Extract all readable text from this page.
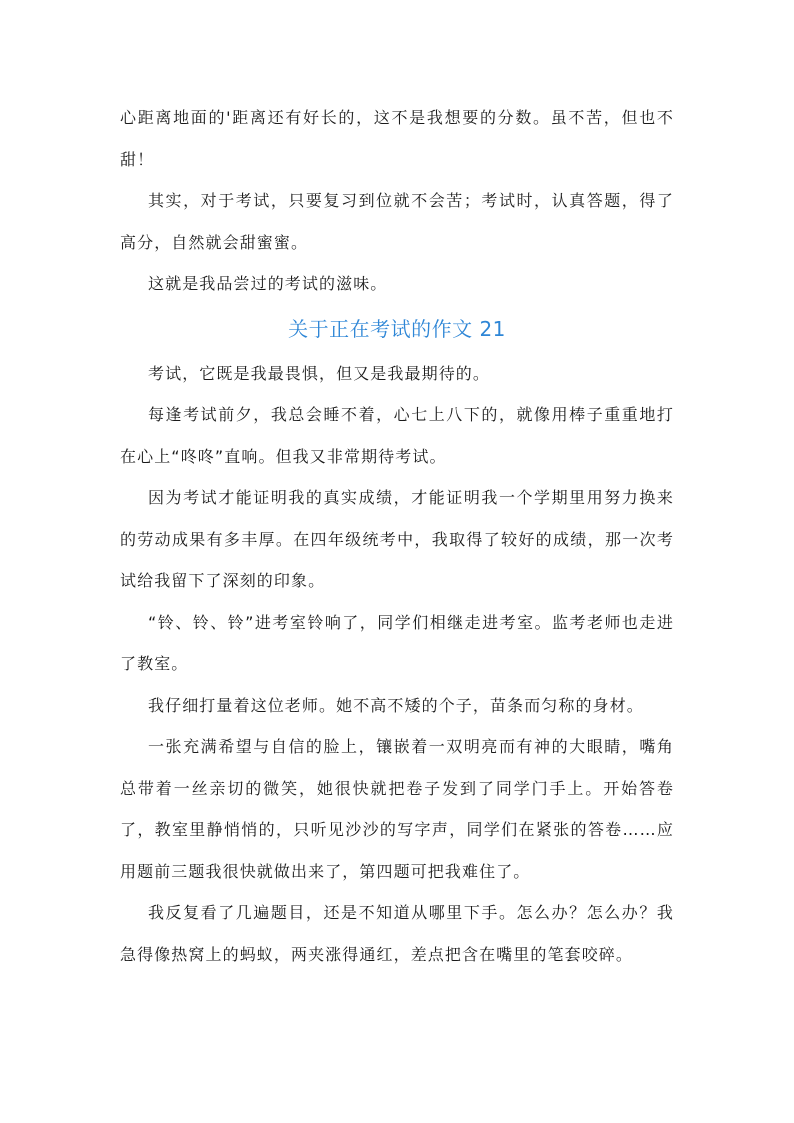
心距离地面的'距离还有好长的，这不是我想要的分数。虽不苦，但也不甜！

其实，对于考试，只要复习到位就不会苦；考试时，认真答题，得了高分，自然就会甜蜜蜜。

这就是我品尝过的考试的滋味。

关于正在考试的作文 21

考试，它既是我最畏惧，但又是我最期待的。

每逢考试前夕，我总会睡不着，心七上八下的，就像用棒子重重地打在心上“咚咚”直响。但我又非常期待考试。

因为考试才能证明我的真实成绩，才能证明我一个学期里用努力换来的劳动成果有多丰厚。在四年级统考中，我取得了较好的成绩，那一次考试给我留下了深刻的印象。

“铃、铃、铃”进考室铃响了，同学们相继走进考室。监考老师也走进了教室。

我仔细打量着这位老师。她不高不矮的个子，苗条而匀称的身材。

一张充满希望与自信的脸上，镶嵌着一双明亮而有神的大眼睛，嘴角总带着一丝亲切的微笑，她很快就把卷子发到了同学门手上。开始答卷了，教室里静悄悄的，只听见沙沙的写字声，同学们在紧张的答卷……应用题前三题我很快就做出来了，第四题可把我难住了。

我反复看了几遍题目，还是不知道从哪里下手。怎么办？怎么办？我急得像热窝上的蚂蚁，两夹涨得通红，差点把含在嘴里的笔套咬碎。
